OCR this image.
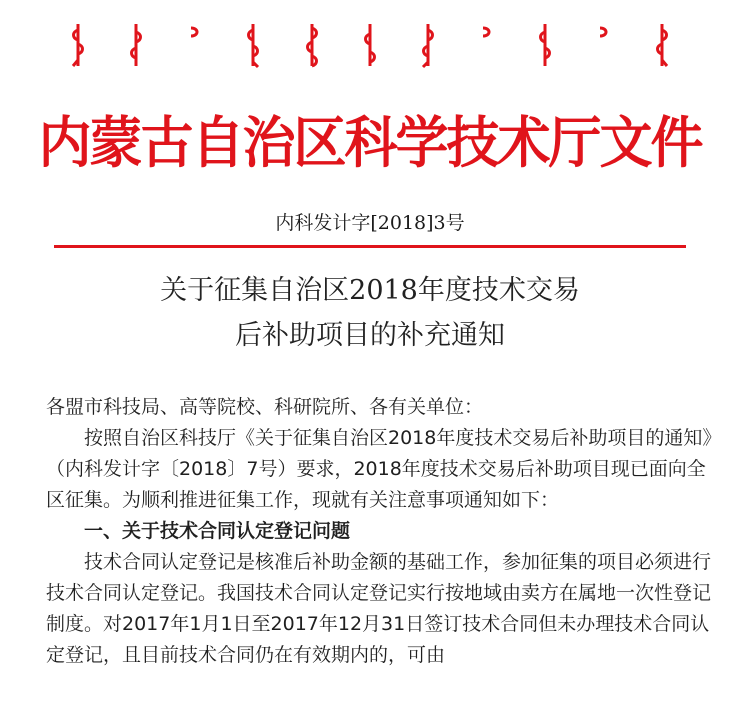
内蒙古自治区科学技术厅文件
内科发计字[2018]3号
关于征集自治区2018年度技术交易
后补助项目的补充通知

各盟市科技局、高等院校、科研院所、各有关单位：

按照自治区科技厅《关于征集自治区2018年度技术交易后补助项目的通知》（内科发计字〔2018〕7号）要求，2018年度技术交易后补助项目现已面向全区征集。为顺利推进征集工作，现就有关注意事项通知如下：

一、关于技术合同认定登记问题

技术合同认定登记是核准后补助金额的基础工作，参加征集的项目必须进行技术合同认定登记。我国技术合同认定登记实行按地域由卖方在属地一次性登记制度。对2017年1月1日至2017年12月31日签订技术合同但未办理技术合同认定登记，且目前技术合同仍在有效期内的，可由
